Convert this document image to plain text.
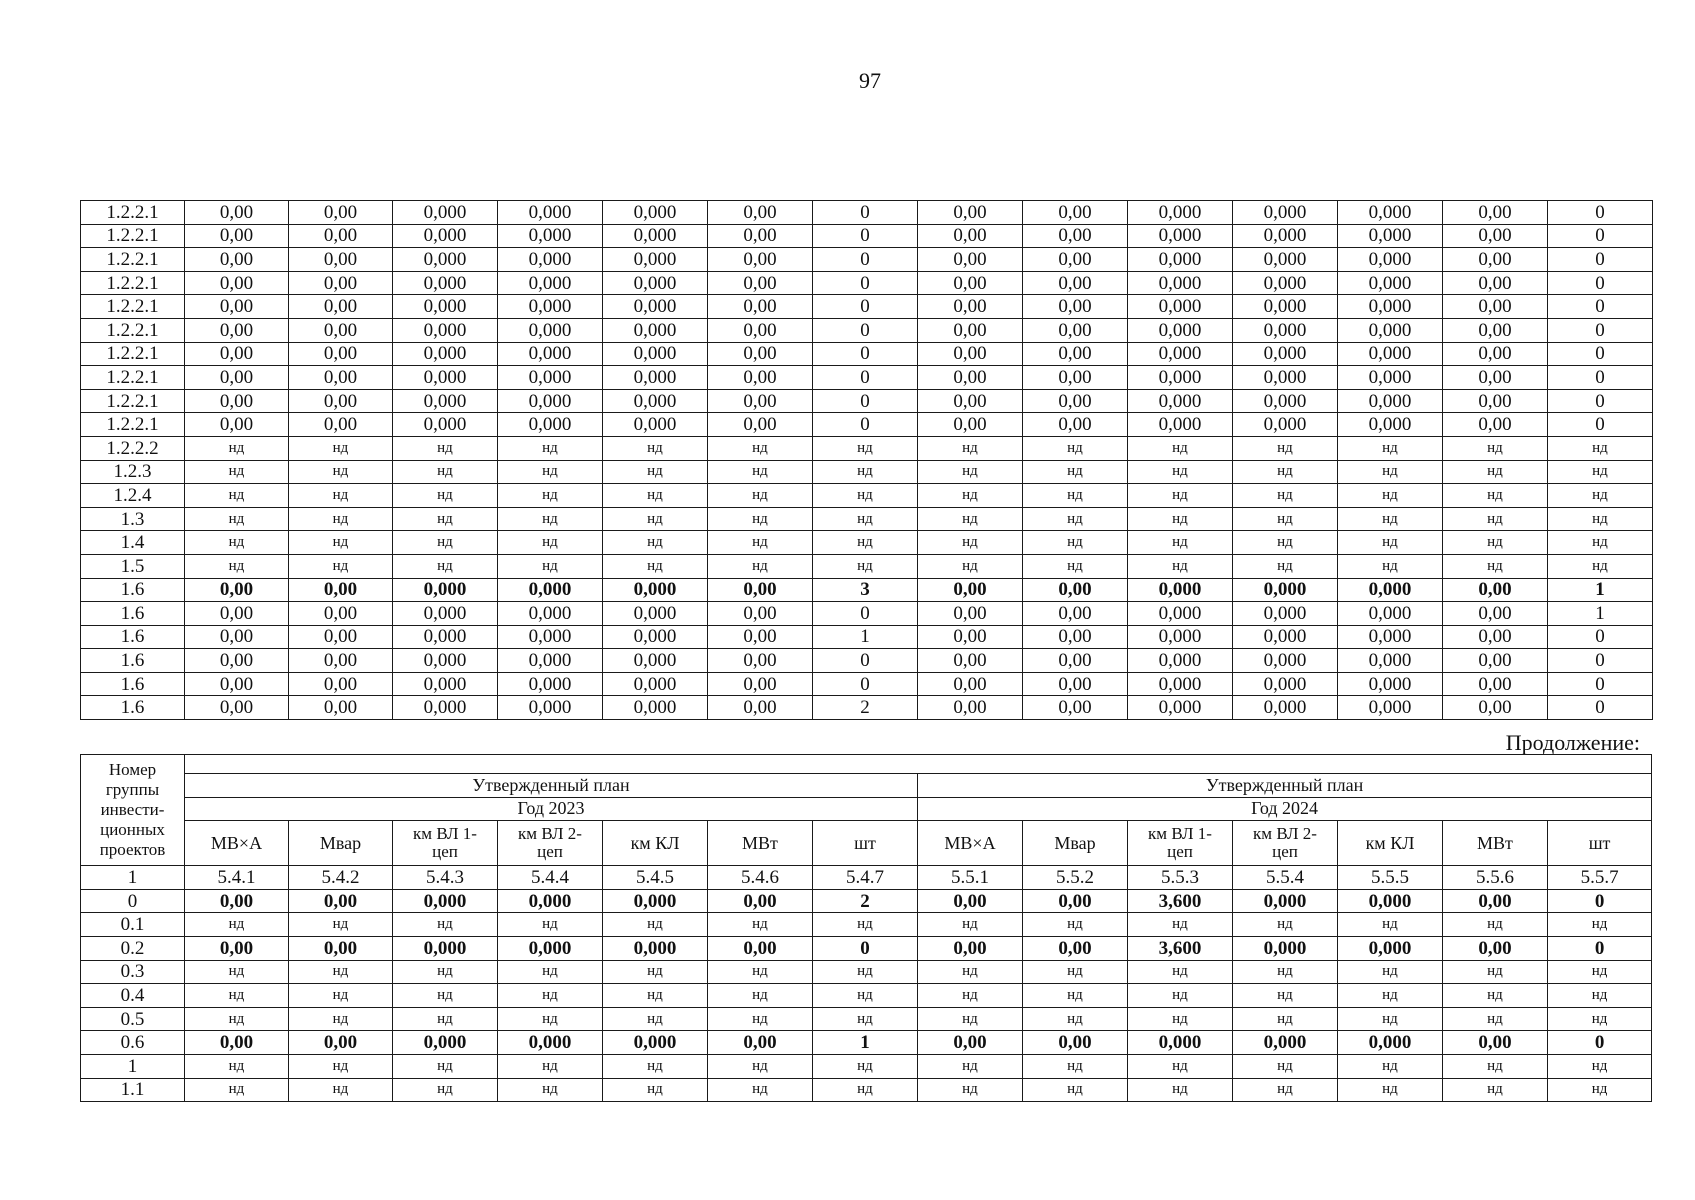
97
1.2.2.1	0,00	0,00	0,000	0,000	0,000	0,00	0	0,00	0,00	0,000	0,000	0,000	0,00	0
1.2.2.1	0,00	0,00	0,000	0,000	0,000	0,00	0	0,00	0,00	0,000	0,000	0,000	0,00	0
1.2.2.1	0,00	0,00	0,000	0,000	0,000	0,00	0	0,00	0,00	0,000	0,000	0,000	0,00	0
1.2.2.1	0,00	0,00	0,000	0,000	0,000	0,00	0	0,00	0,00	0,000	0,000	0,000	0,00	0
1.2.2.1	0,00	0,00	0,000	0,000	0,000	0,00	0	0,00	0,00	0,000	0,000	0,000	0,00	0
1.2.2.1	0,00	0,00	0,000	0,000	0,000	0,00	0	0,00	0,00	0,000	0,000	0,000	0,00	0
1.2.2.1	0,00	0,00	0,000	0,000	0,000	0,00	0	0,00	0,00	0,000	0,000	0,000	0,00	0
1.2.2.1	0,00	0,00	0,000	0,000	0,000	0,00	0	0,00	0,00	0,000	0,000	0,000	0,00	0
1.2.2.1	0,00	0,00	0,000	0,000	0,000	0,00	0	0,00	0,00	0,000	0,000	0,000	0,00	0
1.2.2.1	0,00	0,00	0,000	0,000	0,000	0,00	0	0,00	0,00	0,000	0,000	0,000	0,00	0
1.2.2.2	нд	нд	нд	нд	нд	нд	нд	нд	нд	нд	нд	нд	нд	нд
1.2.3	нд	нд	нд	нд	нд	нд	нд	нд	нд	нд	нд	нд	нд	нд
1.2.4	нд	нд	нд	нд	нд	нд	нд	нд	нд	нд	нд	нд	нд	нд
1.3	нд	нд	нд	нд	нд	нд	нд	нд	нд	нд	нд	нд	нд	нд
1.4	нд	нд	нд	нд	нд	нд	нд	нд	нд	нд	нд	нд	нд	нд
1.5	нд	нд	нд	нд	нд	нд	нд	нд	нд	нд	нд	нд	нд	нд
1.6	0,00	0,00	0,000	0,000	0,000	0,00	3	0,00	0,00	0,000	0,000	0,000	0,00	1
1.6	0,00	0,00	0,000	0,000	0,000	0,00	0	0,00	0,00	0,000	0,000	0,000	0,00	1
1.6	0,00	0,00	0,000	0,000	0,000	0,00	1	0,00	0,00	0,000	0,000	0,000	0,00	0
1.6	0,00	0,00	0,000	0,000	0,000	0,00	0	0,00	0,00	0,000	0,000	0,000	0,00	0
1.6	0,00	0,00	0,000	0,000	0,000	0,00	0	0,00	0,00	0,000	0,000	0,000	0,00	0
1.6	0,00	0,00	0,000	0,000	0,000	0,00	2	0,00	0,00	0,000	0,000	0,000	0,00	0
Продолжение:
Номер группы инвести-ционных проектов														
	Утвержденный план							Утвержденный план						
	Год 2023							Год 2024						
	МВ×А	Мвар	км ВЛ 1-цеп	км ВЛ 2-цеп	км КЛ	МВт	шт	МВ×А	Мвар	км ВЛ 1-цеп	км ВЛ 2-цеп	км КЛ	МВт	шт
1	5.4.1	5.4.2	5.4.3	5.4.4	5.4.5	5.4.6	5.4.7	5.5.1	5.5.2	5.5.3	5.5.4	5.5.5	5.5.6	5.5.7
0	0,00	0,00	0,000	0,000	0,000	0,00	2	0,00	0,00	3,600	0,000	0,000	0,00	0
0.1	нд	нд	нд	нд	нд	нд	нд	нд	нд	нд	нд	нд	нд	нд
0.2	0,00	0,00	0,000	0,000	0,000	0,00	0	0,00	0,00	3,600	0,000	0,000	0,00	0
0.3	нд	нд	нд	нд	нд	нд	нд	нд	нд	нд	нд	нд	нд	нд
0.4	нд	нд	нд	нд	нд	нд	нд	нд	нд	нд	нд	нд	нд	нд
0.5	нд	нд	нд	нд	нд	нд	нд	нд	нд	нд	нд	нд	нд	нд
0.6	0,00	0,00	0,000	0,000	0,000	0,00	1	0,00	0,00	0,000	0,000	0,000	0,00	0
1	нд	нд	нд	нд	нд	нд	нд	нд	нд	нд	нд	нд	нд	нд
1.1	нд	нд	нд	нд	нд	нд	нд	нд	нд	нд	нд	нд	нд	нд
